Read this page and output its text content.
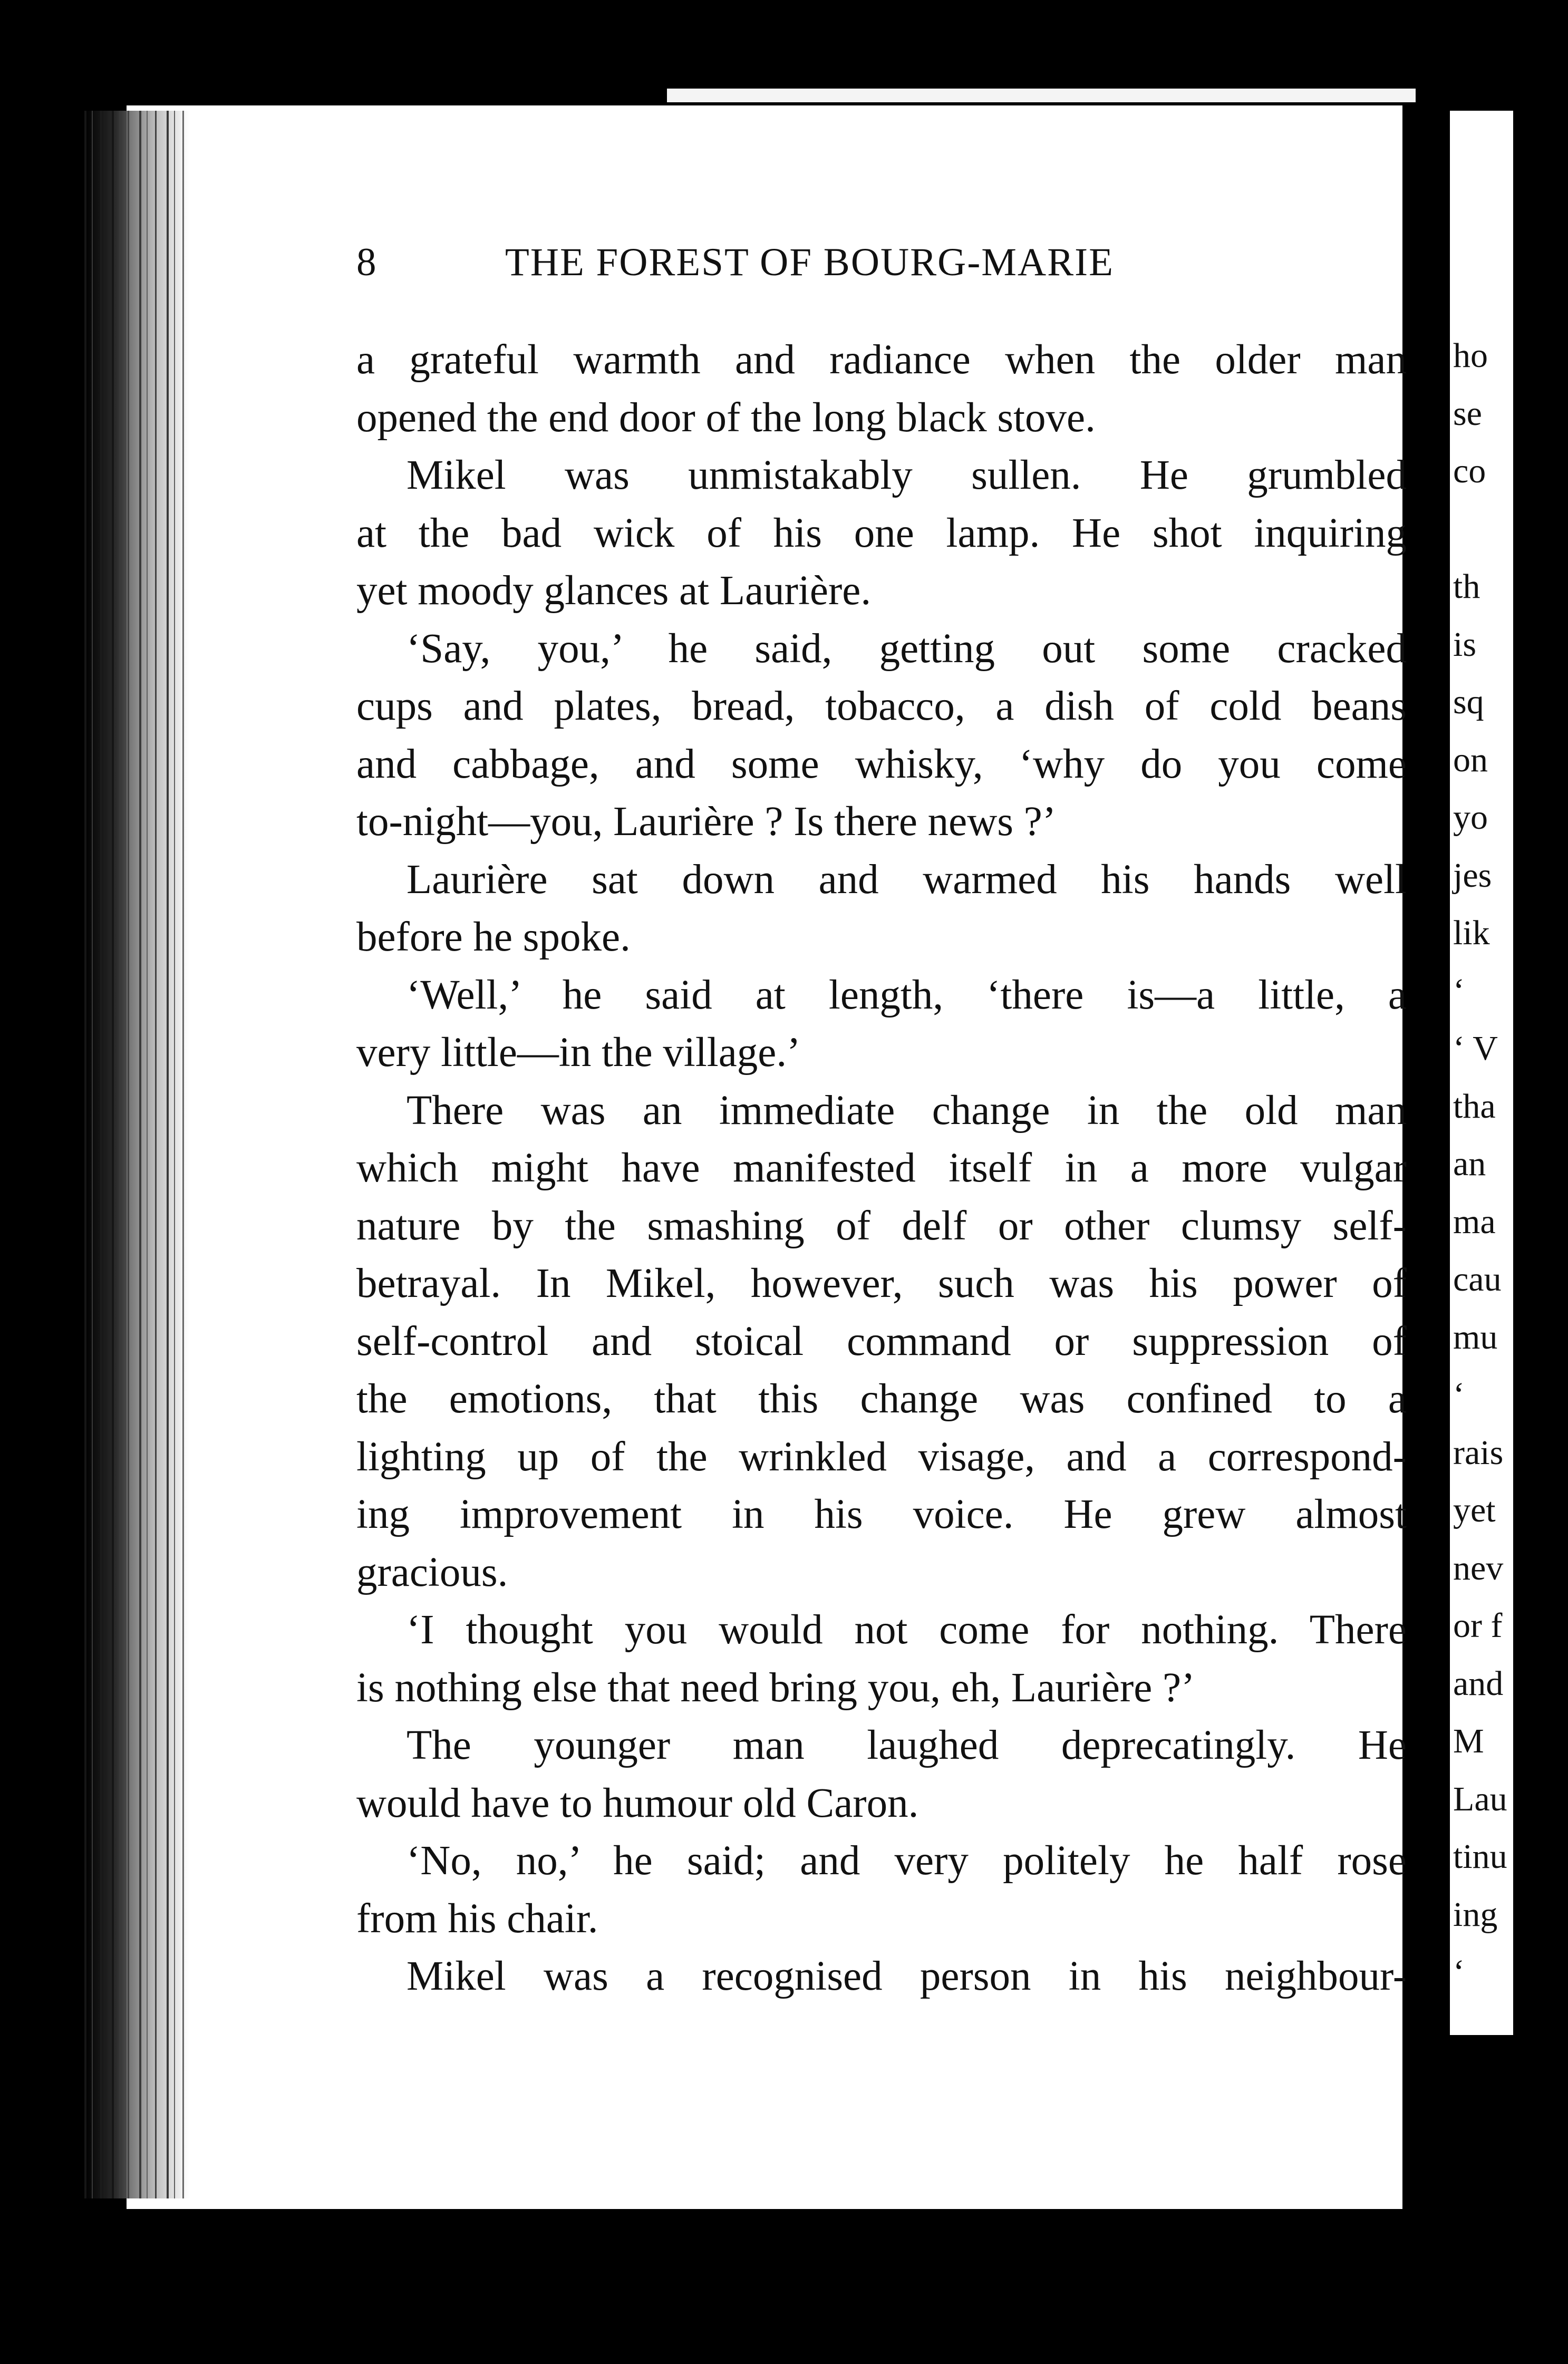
ho
se
co
th
is
sq
on
yo
jes
lik
‘
‘ V
tha
an
ma
cau
mu
‘
rais
yet
nev
or f
and
M
Lau
tinu
ing
‘
8	THE FOREST OF BOURG-MARIE
a grateful warmth and radiance when the older man
opened the end door of the long black stove.
Mikel was unmistakably sullen. He grumbled
at the bad wick of his one lamp. He shot inquiring
yet moody glances at Laurière.
‘Say, you,’ he said, getting out some cracked
cups and plates, bread, tobacco, a dish of cold beans
and cabbage, and some whisky, ‘why do you come
to-night—you, Laurière ? Is there news ?’
Laurière sat down and warmed his hands well
before he spoke.
‘Well,’ he said at length, ‘there is—a little, a
very little—in the village.’
There was an immediate change in the old man
which might have manifested itself in a more vulgar
nature by the smashing of delf or other clumsy self-
betrayal. In Mikel, however, such was his power of
self-control and stoical command or suppression of
the emotions, that this change was confined to a
lighting up of the wrinkled visage, and a correspond-
ing improvement in his voice. He grew almost
gracious.
‘I thought you would not come for nothing. There
is nothing else that need bring you, eh, Laurière ?’
The younger man laughed deprecatingly. He
would have to humour old Caron.
‘No, no,’ he said; and very politely he half rose
from his chair.
Mikel was a recognised person in his neighbour-
